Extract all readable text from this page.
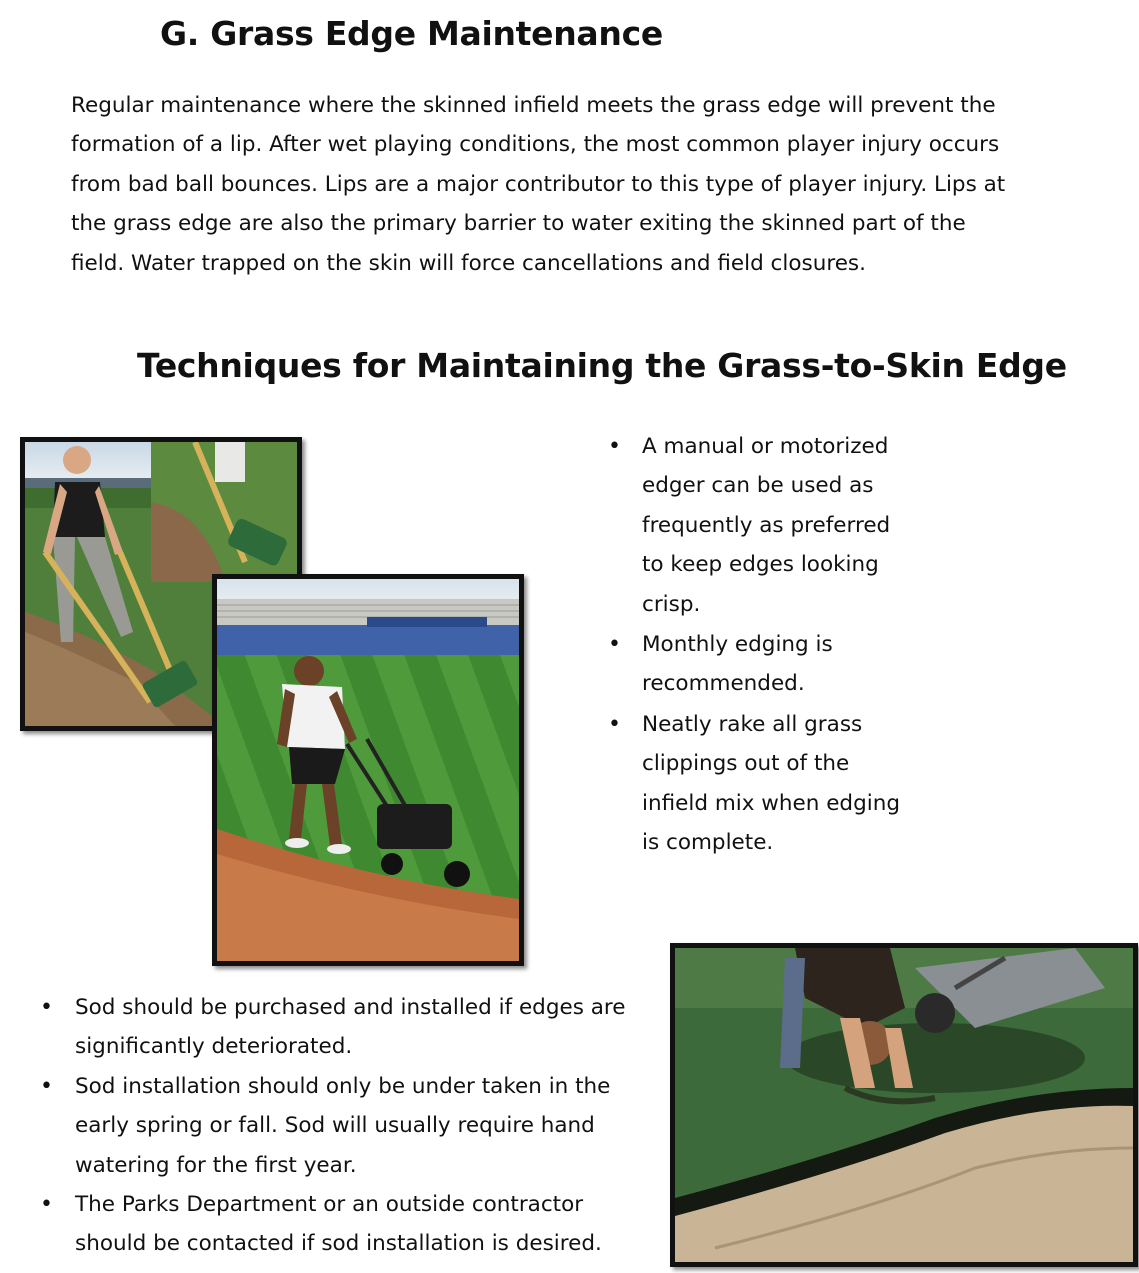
G. Grass Edge Maintenance

Regular maintenance where the skinned infield meets the grass edge will prevent the formation of a lip. After wet playing conditions, the most common player injury occurs from bad ball bounces. Lips are a major contributor to this type of player injury. Lips at the grass edge are also the primary barrier to water exiting the skinned part of the field. Water trapped on the skin will force cancellations and field closures.

Techniques for Maintaining the Grass-to-Skin Edge
• A manual or motorized edger can be used as frequently as preferred to keep edges looking crisp.
• Monthly edging is recommended.
• Neatly rake all grass clippings out of the infield mix when edging is complete.
• Sod should be purchased and installed if edges are significantly deteriorated.
• Sod installation should only be under taken in the early spring or fall. Sod will usually require hand watering for the first year.
• The Parks Department or an outside contractor should be contacted if sod installation is desired.
